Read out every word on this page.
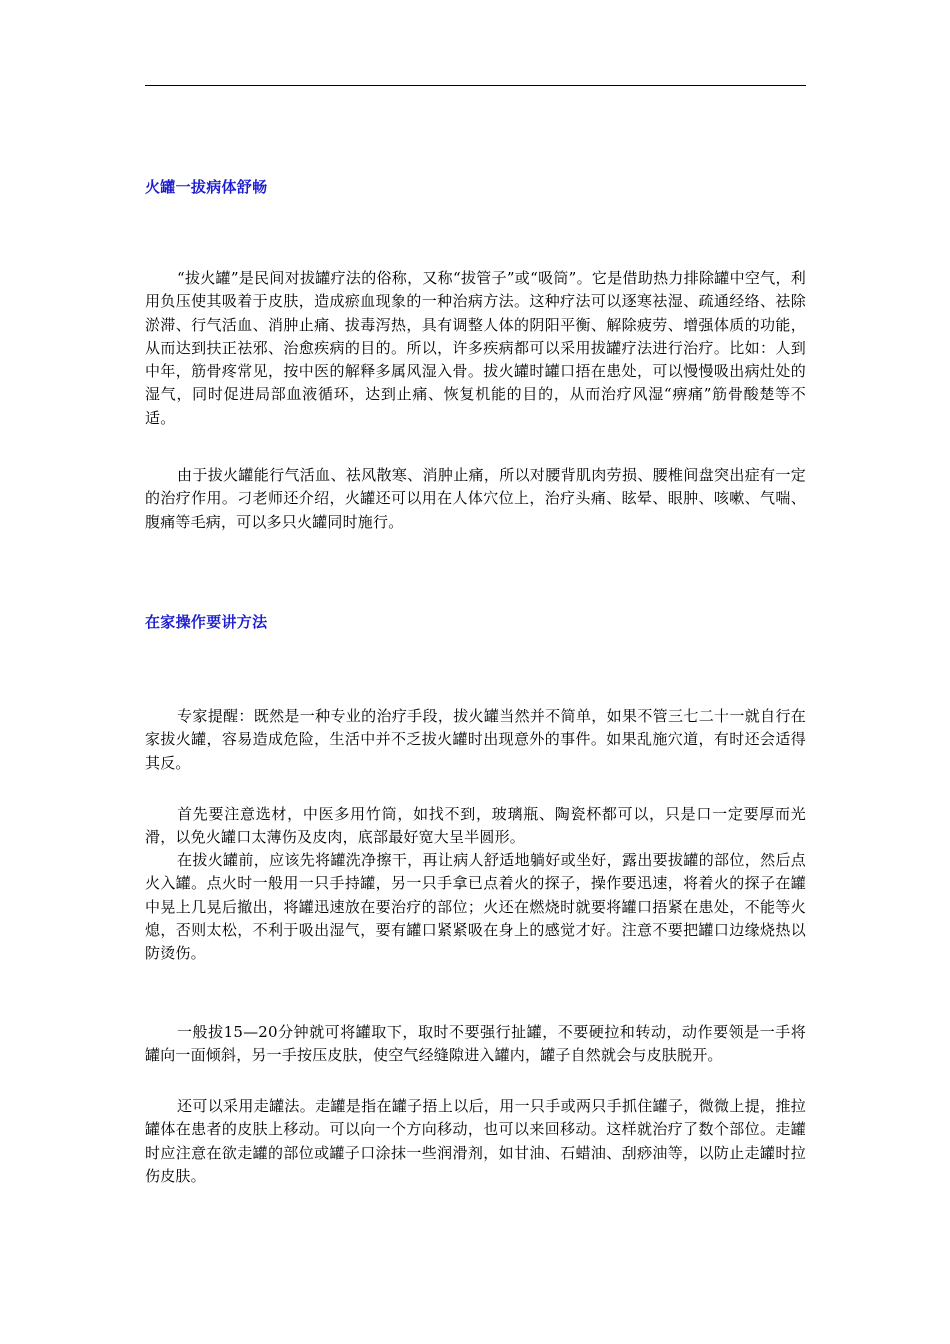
火罐一拔病体舒畅

“拔火罐”是民间对拔罐疗法的俗称，又称“拔管子”或“吸筒”。它是借助热力排除罐中空气，利用负压使其吸着于皮肤，造成瘀血现象的一种治病方法。这种疗法可以逐寒祛湿、疏通经络、祛除淤滞、行气活血、消肿止痛、拔毒泻热，具有调整人体的阴阳平衡、解除疲劳、增强体质的功能，从而达到扶正祛邪、治愈疾病的目的。所以，许多疾病都可以采用拔罐疗法进行治疗。比如：人到中年，筋骨疼常见，按中医的解释多属风湿入骨。拔火罐时罐口捂在患处，可以慢慢吸出病灶处的湿气，同时促进局部血液循环，达到止痛、恢复机能的目的，从而治疗风湿“痹痛”筋骨酸楚等不适。

由于拔火罐能行气活血、祛风散寒、消肿止痛，所以对腰背肌肉劳损、腰椎间盘突出症有一定的治疗作用。刁老师还介绍，火罐还可以用在人体穴位上，治疗头痛、眩晕、眼肿、咳嗽、气喘、腹痛等毛病，可以多只火罐同时施行。

在家操作要讲方法

专家提醒：既然是一种专业的治疗手段，拔火罐当然并不简单，如果不管三七二十一就自行在家拔火罐，容易造成危险，生活中并不乏拔火罐时出现意外的事件。如果乱施穴道，有时还会适得其反。

首先要注意选材，中医多用竹筒，如找不到，玻璃瓶、陶瓷杯都可以，只是口一定要厚而光滑，以免火罐口太薄伤及皮肉，底部最好宽大呈半圆形。

在拔火罐前，应该先将罐洗净擦干，再让病人舒适地躺好或坐好，露出要拔罐的部位，然后点火入罐。点火时一般用一只手持罐，另一只手拿已点着火的探子，操作要迅速，将着火的探子在罐中晃上几晃后撤出，将罐迅速放在要治疗的部位；火还在燃烧时就要将罐口捂紧在患处，不能等火熄，否则太松，不利于吸出湿气，要有罐口紧紧吸在身上的感觉才好。注意不要把罐口边缘烧热以防烫伤。

一般拔15—20分钟就可将罐取下，取时不要强行扯罐，不要硬拉和转动，动作要领是一手将罐向一面倾斜，另一手按压皮肤，使空气经缝隙进入罐内，罐子自然就会与皮肤脱开。

还可以采用走罐法。走罐是指在罐子捂上以后，用一只手或两只手抓住罐子，微微上提，推拉罐体在患者的皮肤上移动。可以向一个方向移动，也可以来回移动。这样就治疗了数个部位。走罐时应注意在欲走罐的部位或罐子口涂抹一些润滑剂，如甘油、石蜡油、刮痧油等，以防止走罐时拉伤皮肤。
